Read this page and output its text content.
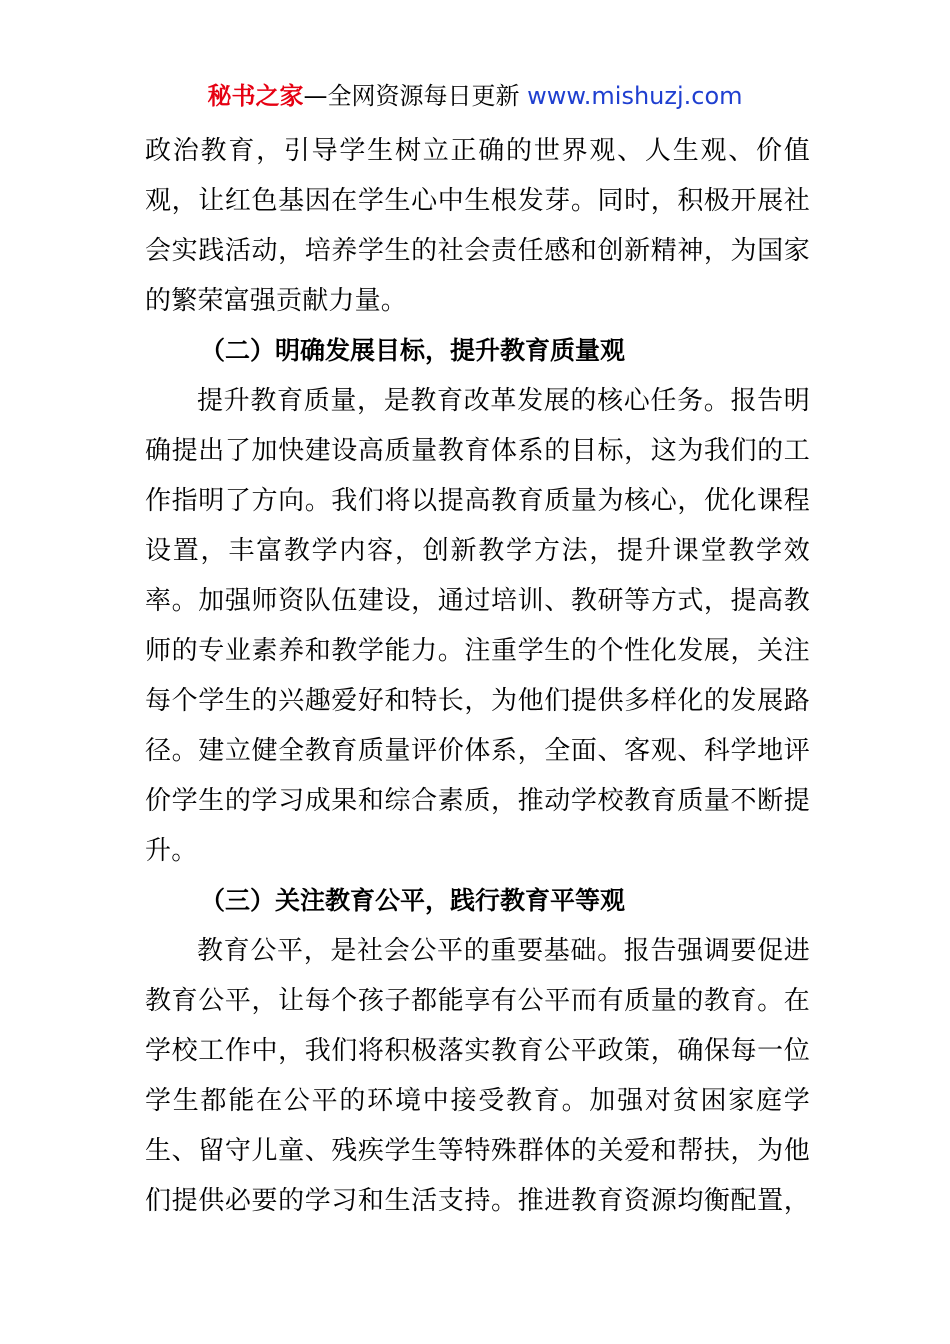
秘书之家—全网资源每日更新 www.mishuzj.com
政治教育，引导学生树立正确的世界观、人生观、价值
观，让红色基因在学生心中生根发芽。同时，积极开展社
会实践活动，培养学生的社会责任感和创新精神，为国家
的繁荣富强贡献力量。
（二）明确发展目标，提升教育质量观
提升教育质量，是教育改革发展的核心任务。报告明
确提出了加快建设高质量教育体系的目标，这为我们的工
作指明了方向。我们将以提高教育质量为核心，优化课程
设置，丰富教学内容，创新教学方法，提升课堂教学效
率。加强师资队伍建设，通过培训、教研等方式，提高教
师的专业素养和教学能力。注重学生的个性化发展，关注
每个学生的兴趣爱好和特长，为他们提供多样化的发展路
径。建立健全教育质量评价体系，全面、客观、科学地评
价学生的学习成果和综合素质，推动学校教育质量不断提
升。
（三）关注教育公平，践行教育平等观
教育公平，是社会公平的重要基础。报告强调要促进
教育公平，让每个孩子都能享有公平而有质量的教育。在
学校工作中，我们将积极落实教育公平政策，确保每一位
学生都能在公平的环境中接受教育。加强对贫困家庭学
生、留守儿童、残疾学生等特殊群体的关爱和帮扶，为他
们提供必要的学习和生活支持。推进教育资源均衡配置，
